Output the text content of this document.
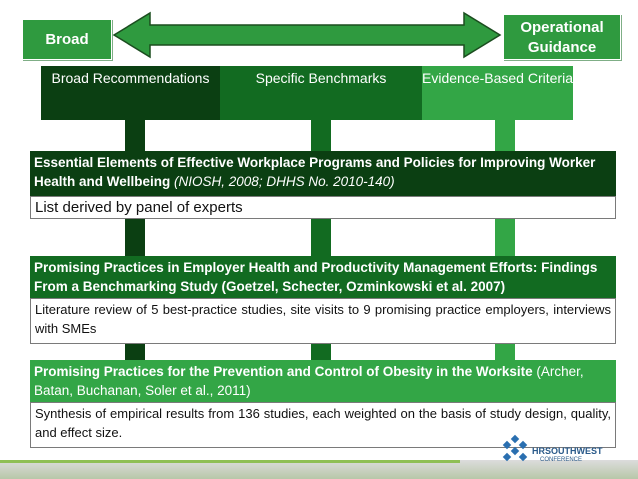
Broad
Operational Guidance
Broad Recommendations	Specific Benchmarks	Evidence-Based Criteria
Essential Elements of Effective Workplace Programs and Policies for Improving Worker Health and Wellbeing (NIOSH, 2008; DHHS No. 2010-140)
List derived by panel of experts
Promising Practices in Employer Health and Productivity Management Efforts: Findings From a Benchmarking Study (Goetzel, Schecter, Ozminkowski et al. 2007)
Literature review of 5 best-practice studies, site visits to 9 promising practice employers, interviews with SMEs
Promising Practices for the Prevention and Control of Obesity in the Worksite (Archer, Batan, Buchanan, Soler et al., 2011)
Synthesis of empirical results from 136 studies, each weighted on the basis of study design, quality, and effect size.
HRSOUTHWEST
CONFERENCE
